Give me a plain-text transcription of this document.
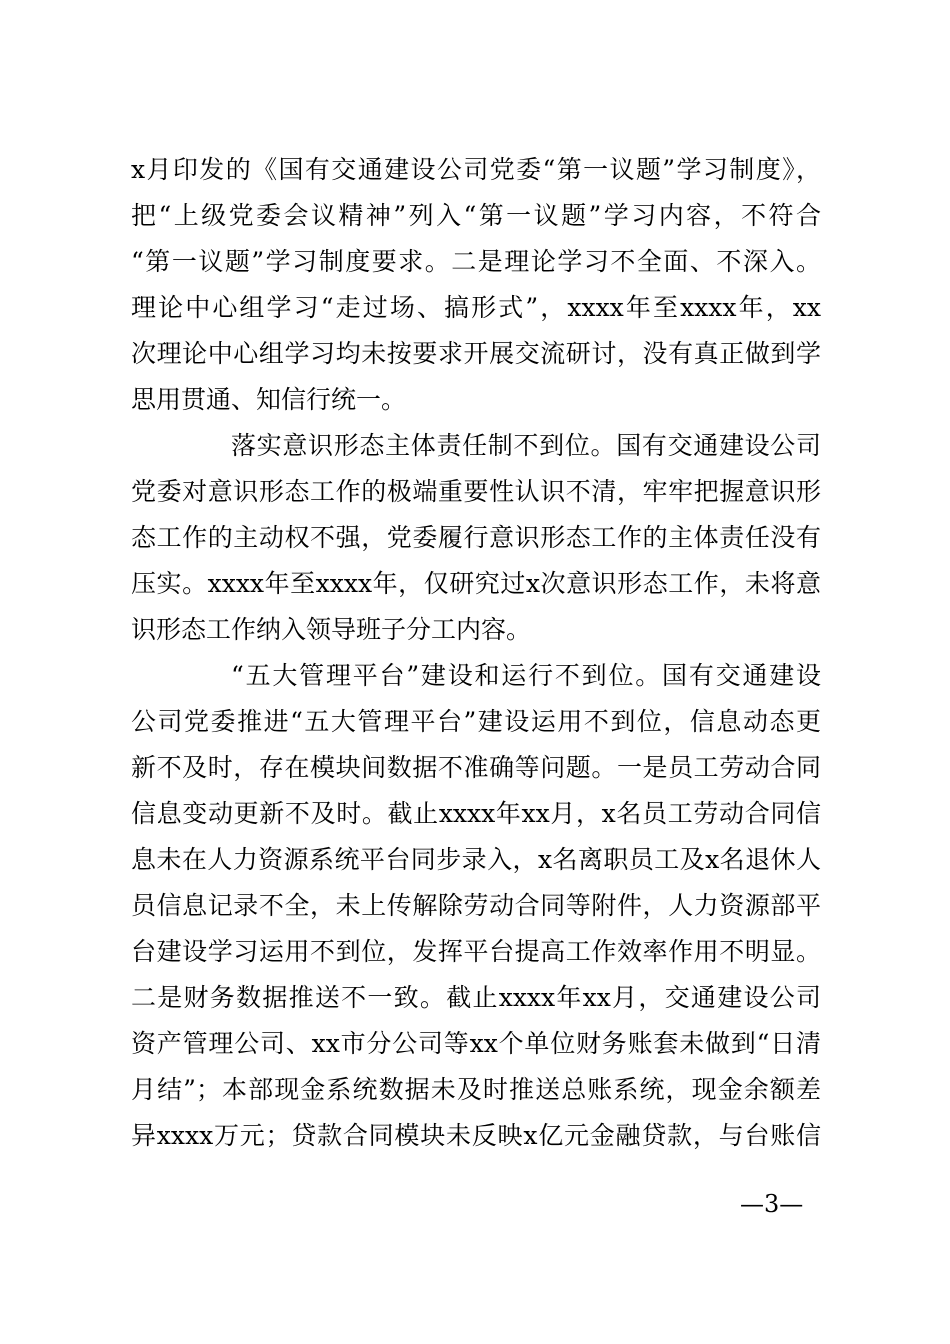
x月印发的《国有交通建设公司党委“第一议题”学习制度》，
把“上级党委会议精神”列入“第一议题”学习内容，不符合
“第一议题”学习制度要求。二是理论学习不全面、不深入。
理论中心组学习“走过场、搞形式”，xxxx年至xxxx年，xx
次理论中心组学习均未按要求开展交流研讨，没有真正做到学
思用贯通、知信行统一。
落实意识形态主体责任制不到位。国有交通建设公司
党委对意识形态工作的极端重要性认识不清，牢牢把握意识形
态工作的主动权不强，党委履行意识形态工作的主体责任没有
压实。xxxx年至xxxx年，仅研究过x次意识形态工作，未将意
识形态工作纳入领导班子分工内容。
“五大管理平台”建设和运行不到位。国有交通建设
公司党委推进“五大管理平台”建设运用不到位，信息动态更
新不及时，存在模块间数据不准确等问题。一是员工劳动合同
信息变动更新不及时。截止xxxx年xx月，x名员工劳动合同信
息未在人力资源系统平台同步录入，x名离职员工及x名退休人
员信息记录不全，未上传解除劳动合同等附件，人力资源部平
台建设学习运用不到位，发挥平台提高工作效率作用不明显。
二是财务数据推送不一致。截止xxxx年xx月，交通建设公司
资产管理公司、xx市分公司等xx个单位财务账套未做到“日清
月结”；本部现金系统数据未及时推送总账系统，现金余额差
异xxxx万元；贷款合同模块未反映x亿元金融贷款，与台账信
—3—
